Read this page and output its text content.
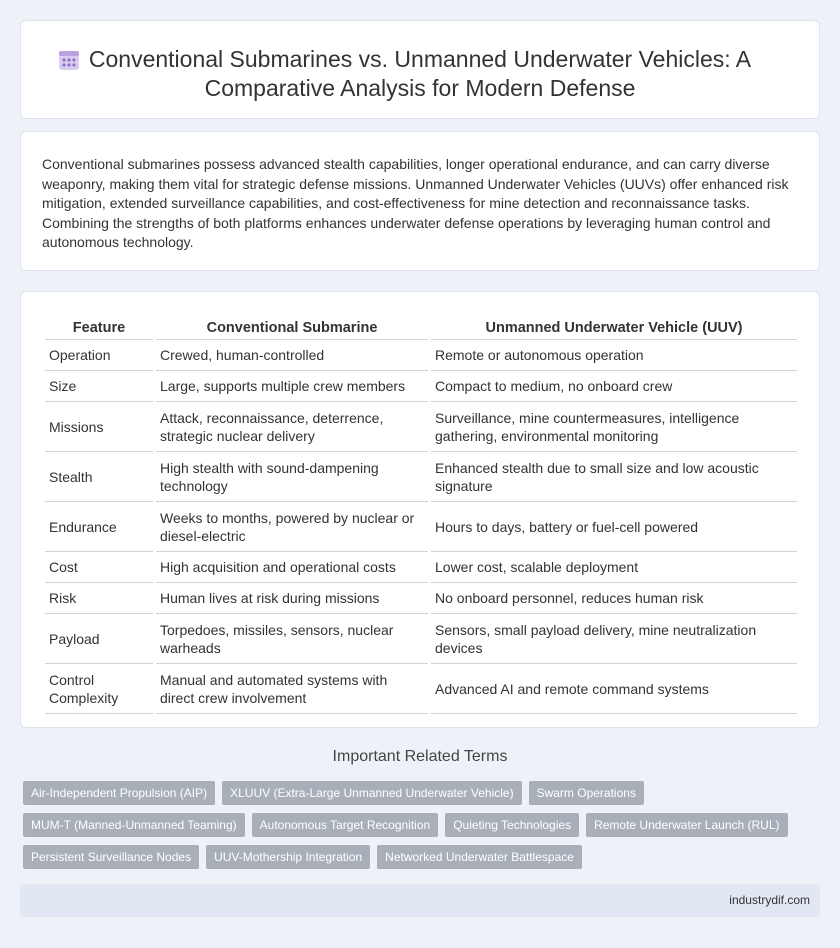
Conventional Submarines vs. Unmanned Underwater Vehicles: A
Comparative Analysis for Modern Defense

Conventional submarines possess advanced stealth capabilities, longer operational endurance, and can carry diverse weaponry, making them vital for strategic defense missions. Unmanned Underwater Vehicles (UUVs) offer enhanced risk mitigation, extended surveillance capabilities, and cost-effectiveness for mine detection and reconnaissance tasks. Combining the strengths of both platforms enhances underwater defense operations by leveraging human control and autonomous technology.

Feature	Conventional Submarine	Unmanned Underwater Vehicle (UUV)
Operation	Crewed, human-controlled	Remote or autonomous operation
Size	Large, supports multiple crew members	Compact to medium, no onboard crew
Missions	Attack, reconnaissance, deterrence, strategic nuclear delivery	Surveillance, mine countermeasures, intelligence gathering, environmental monitoring
Stealth	High stealth with sound-dampening technology	Enhanced stealth due to small size and low acoustic signature
Endurance	Weeks to months, powered by nuclear or diesel-electric	Hours to days, battery or fuel-cell powered
Cost	High acquisition and operational costs	Lower cost, scalable deployment
Risk	Human lives at risk during missions	No onboard personnel, reduces human risk
Payload	Torpedoes, missiles, sensors, nuclear warheads	Sensors, small payload delivery, mine neutralization devices
Control Complexity	Manual and automated systems with direct crew involvement	Advanced AI and remote command systems
Important Related Terms
Air-Independent Propulsion (AIP)	XLUUV (Extra-Large Unmanned Underwater Vehicle)	Swarm Operations
MUM-T (Manned-Unmanned Teaming)	Autonomous Target Recognition	Quieting Technologies	Remote Underwater Launch (RUL)
Persistent Surveillance Nodes	UUV-Mothership Integration	Networked Underwater Battlespace
industrydif.com
